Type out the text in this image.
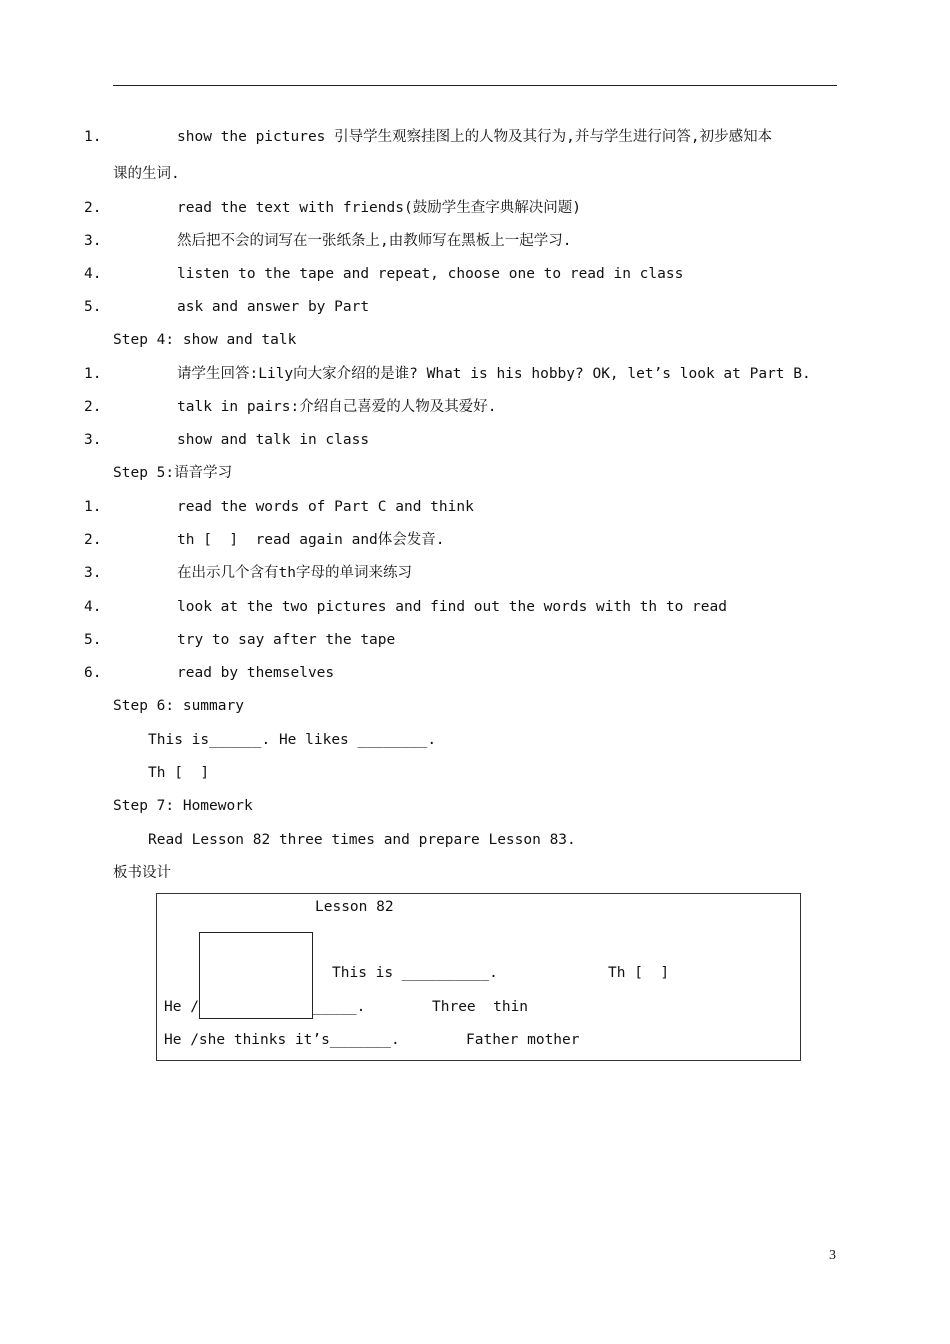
1.	show the pictures 引导学生观察挂图上的人物及其行为,并与学生进行问答,初步感知本
课的生词.
2.	read the text with friends(鼓励学生查字典解决问题)
3.	然后把不会的词写在一张纸条上,由教师写在黑板上一起学习.
4.	listen to the tape and repeat, choose one to read in class
5.	ask and answer by Part
Step 4: show and talk
1.	请学生回答:Lily向大家介绍的是谁? What is his hobby? OK, let’s look at Part B.
2.	talk in pairs:介绍自己喜爱的人物及其爱好.
3.	show and talk in class
Step 5:语音学习
1.	read the words of Part C and think
2.	th [  ]  read again and体会发音.
3.	在出示几个含有th字母的单词来练习
4.	look at the two pictures and find out the words with th to read
5.	try to say after the tape
6.	read by themselves
Step 6: summary
This is______. He likes ________.
Th [  ]
Step 7: Homework
Read Lesson 82 three times and prepare Lesson 83.
板书设计
Lesson 82
This is __________.	Th [  ]
He /	_____.	Three  thin
He /she thinks it’s_______.	Father mother
3
